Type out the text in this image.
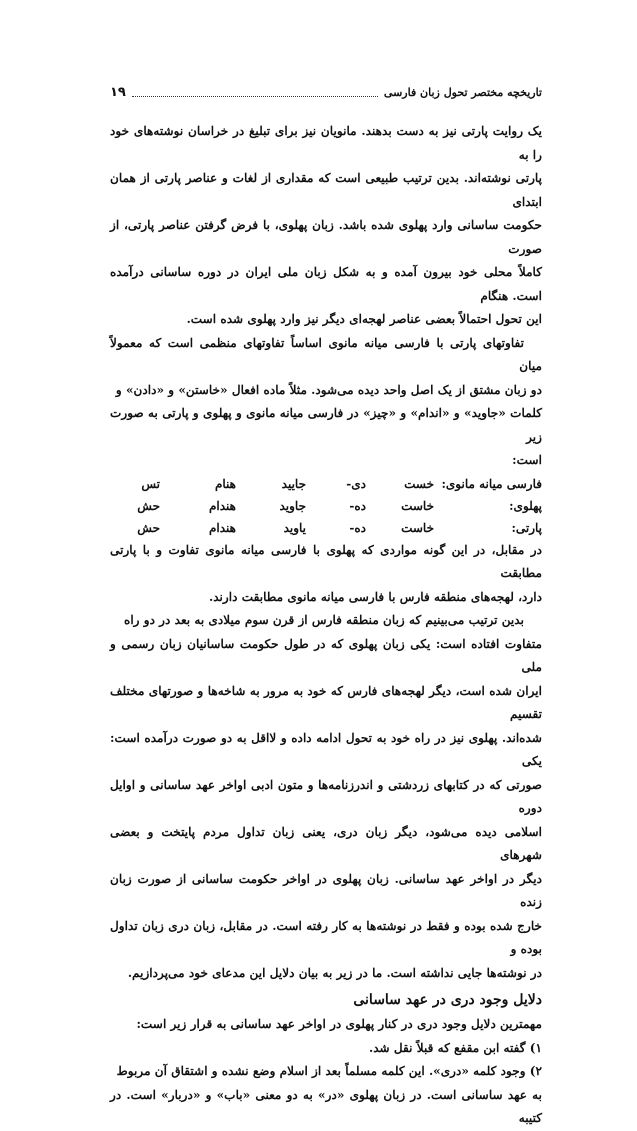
تاریخچه مختصر تحول زبان فارسی
۱۹

یک روایت پارتی نیز به دست بدهند. مانویان نیز برای تبلیغ در خراسان نوشته‌های خود را به

پارتی نوشته‌اند. بدین ترتیب طبیعی است که مقداری از لغات و عناصر پارتی از همان ابتدای

حکومت ساسانی وارد پهلوی شده باشد. زبان پهلوی، با فرض گرفتن عناصر پارتی، از صورت

کاملاً محلی خود بیرون آمده و به شکل زبان ملی ایران در دوره ساسانی درآمده است. هنگام

این تحول احتمالاً بعضی عناصر لهجه‌ای دیگر نیز وارد پهلوی شده است.

تفاوتهای پارتی با فارسی میانه مانوی اساساً تفاوتهای منظمی است که معمولاً میان

دو زبان مشتق از یک اصل واحد دیده می‌شود. مثلاً ماده افعال «خاستن» و «دادن» و

کلمات «جاوید» و «اندام» و «چیز» در فارسی میانه مانوی و پهلوی و پارتی به صورت زیر

است:

فارسی میانه مانوی:	خست	دی-	جایید	هنام	تس
پهلوی:	خاست	ده-	جاوید	هندام	حش
پارتی:	خاست	ده-	یاوید	هندام	حش

در مقابل، در این گونه مواردی که پهلوی با فارسی میانه مانوی تفاوت و با پارتی مطابقت

دارد، لهجه‌های منطقه فارس با فارسی میانه مانوی مطابقت دارند.

بدین ترتیب می‌بینیم که زبان منطقه فارس از قرن سوم میلادی به بعد در دو راه

متفاوت افتاده است: یکی زبان پهلوی که در طول حکومت ساسانیان زبان رسمی و ملی

ایران شده است، دیگر لهجه‌های فارس که خود به مرور به شاخه‌ها و صورتهای مختلف تقسیم

شده‌اند. پهلوی نیز در راه خود به تحول ادامه داده و لااقل به دو صورت درآمده است: یکی

صورتی که در کتابهای زردشتی و اندرزنامه‌ها و متون ادبی اواخر عهد ساسانی و اوایل دوره

اسلامی دیده می‌شود، دیگر زبان دری، یعنی زبان تداول مردم پایتخت و بعضی شهرهای

دیگر در اواخر عهد ساسانی. زبان پهلوی در اواخر حکومت ساسانی از صورت زبان زنده

خارج شده بوده و فقط در نوشته‌ها به کار رفته است. در مقابل، زبان دری زبان تداول بوده و

در نوشته‌ها جایی نداشته است. ما در زیر به بیان دلایل این مدعای خود می‌پردازیم.

دلایل وجود دری در عهد ساسانی

مهمترین دلایل وجود دری در کنار پهلوی در اواخر عهد ساسانی به قرار زیر است:

۱) گفته ابن مقفع که قبلاً نقل شد.

۲) وجود کلمه «دری». این کلمه مسلماً بعد از اسلام وضع نشده و اشتقاق آن مربوط

به عهد ساسانی است. در زبان پهلوی «در» به دو معنی «باب» و «دربار» است. در کتیبه
